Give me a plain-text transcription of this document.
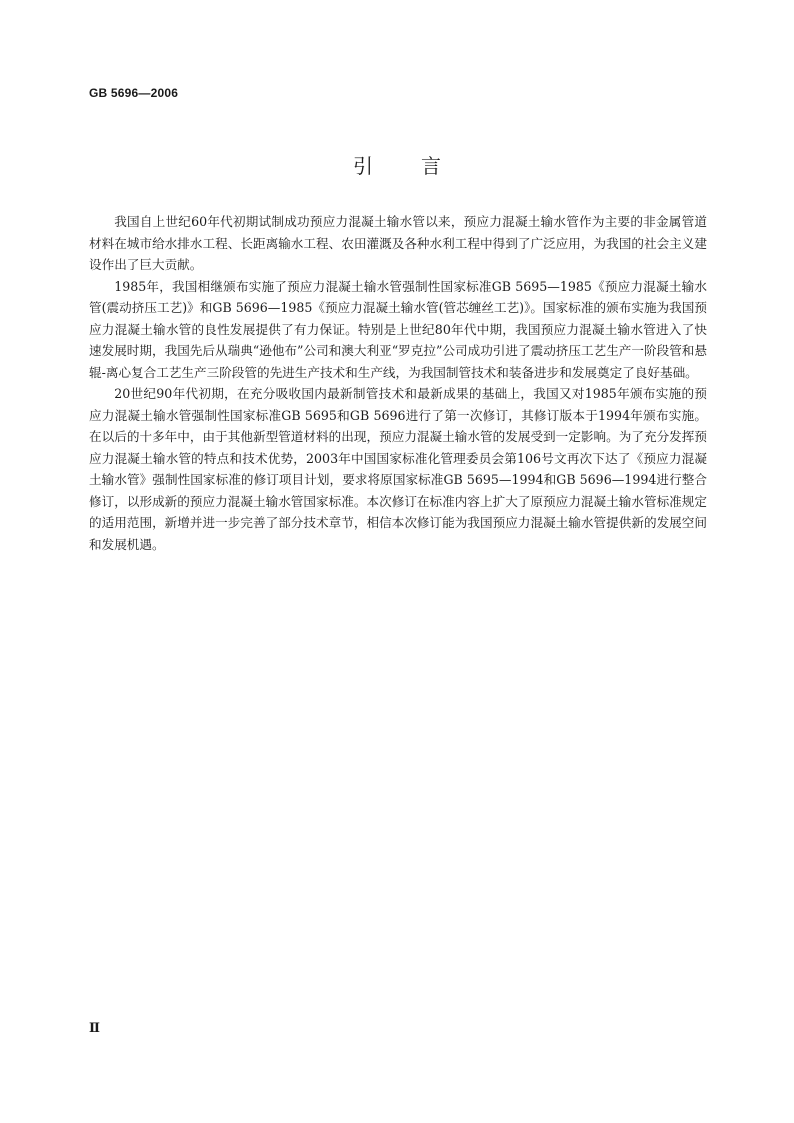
GB 5696—2006
引言

我国自上世纪60年代初期试制成功预应力混凝土输水管以来，预应力混凝土输水管作为主要的非金属管道材料在城市给水排水工程、长距离输水工程、农田灌溉及各种水利工程中得到了广泛应用，为我国的社会主义建设作出了巨大贡献。

1985年，我国相继颁布实施了预应力混凝土输水管强制性国家标准GB 5695—1985《预应力混凝土输水管(震动挤压工艺)》和GB 5696—1985《预应力混凝土输水管(管芯缠丝工艺)》。国家标准的颁布实施为我国预应力混凝土输水管的良性发展提供了有力保证。特别是上世纪80年代中期，我国预应力混凝土输水管进入了快速发展时期，我国先后从瑞典“逊他布”公司和澳大利亚“罗克拉”公司成功引进了震动挤压工艺生产一阶段管和悬辊-离心复合工艺生产三阶段管的先进生产技术和生产线，为我国制管技术和装备进步和发展奠定了良好基础。

20世纪90年代初期，在充分吸收国内最新制管技术和最新成果的基础上，我国又对1985年颁布实施的预应力混凝土输水管强制性国家标准GB 5695和GB 5696进行了第一次修订，其修订版本于1994年颁布实施。在以后的十多年中，由于其他新型管道材料的出现，预应力混凝土输水管的发展受到一定影响。为了充分发挥预应力混凝土输水管的特点和技术优势，2003年中国国家标准化管理委员会第106号文再次下达了《预应力混凝土输水管》强制性国家标准的修订项目计划，要求将原国家标准GB 5695—1994和GB 5696—1994进行整合修订，以形成新的预应力混凝土输水管国家标准。本次修订在标准内容上扩大了原预应力混凝土输水管标准规定的适用范围，新增并进一步完善了部分技术章节，相信本次修订能为我国预应力混凝土输水管提供新的发展空间和发展机遇。

Ⅱ
